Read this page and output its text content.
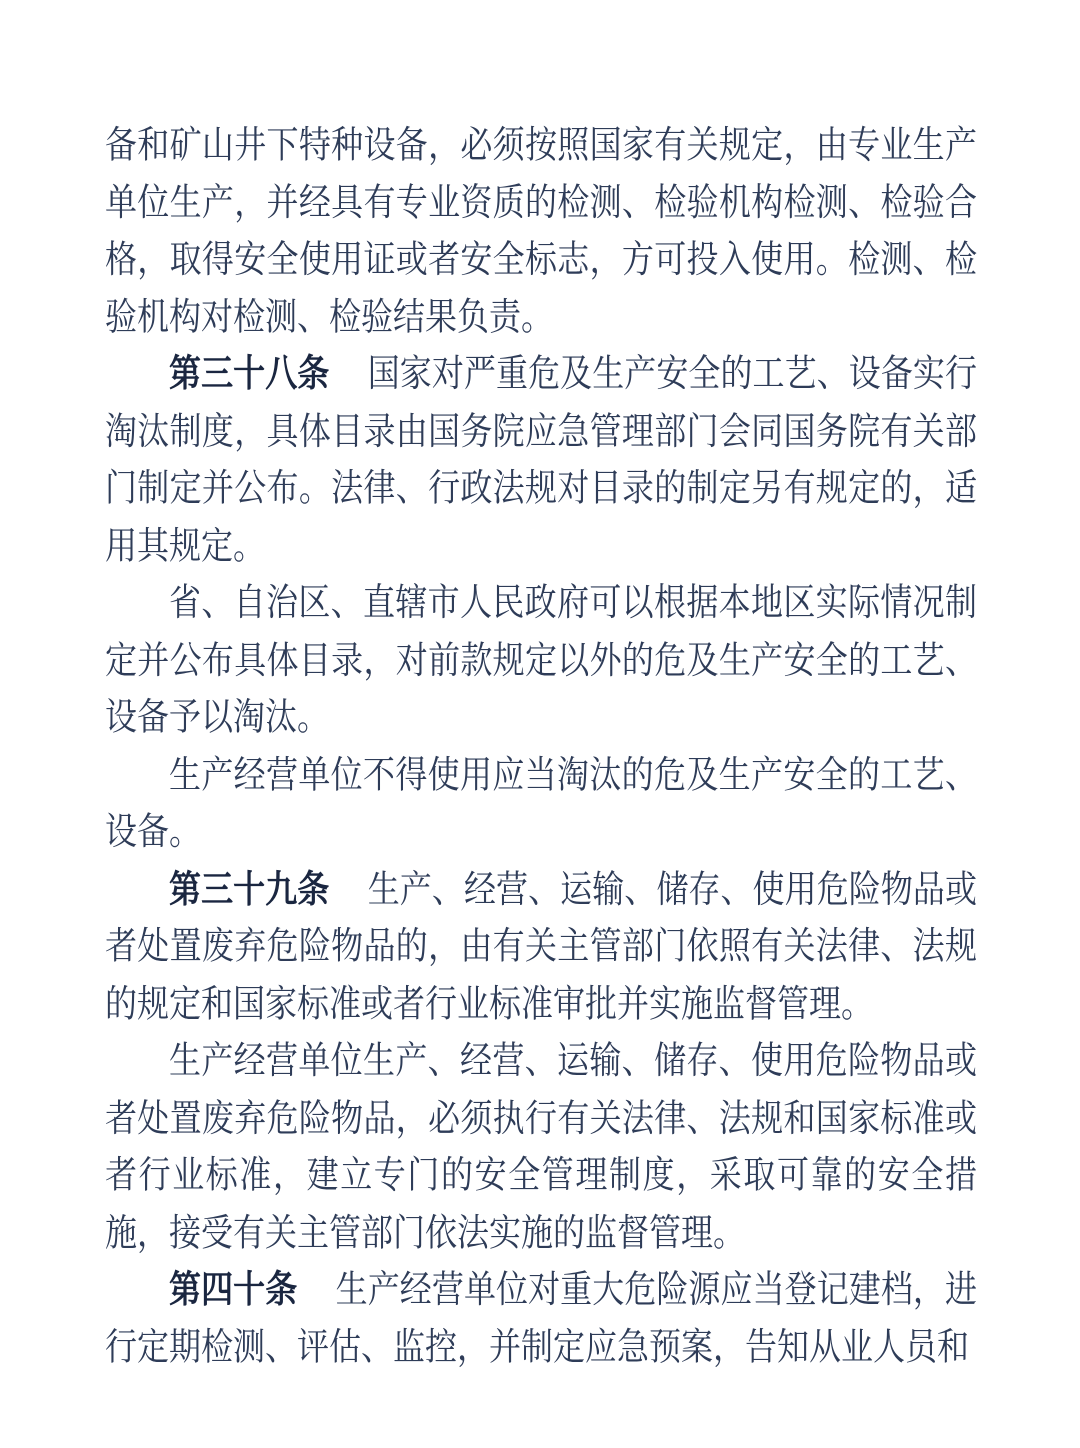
备和矿山井下特种设备，必须按照国家有关规定，由专业生产单位生产，并经具有专业资质的检测、检验机构检测、检验合格，取得安全使用证或者安全标志，方可投入使用。检测、检验机构对检测、检验结果负责。

第三十八条 国家对严重危及生产安全的工艺、设备实行淘汰制度，具体目录由国务院应急管理部门会同国务院有关部门制定并公布。法律、行政法规对目录的制定另有规定的，适用其规定。

省、自治区、直辖市人民政府可以根据本地区实际情况制定并公布具体目录，对前款规定以外的危及生产安全的工艺、设备予以淘汰。

生产经营单位不得使用应当淘汰的危及生产安全的工艺、设备。

第三十九条 生产、经营、运输、储存、使用危险物品或者处置废弃危险物品的，由有关主管部门依照有关法律、法规的规定和国家标准或者行业标准审批并实施监督管理。

生产经营单位生产、经营、运输、储存、使用危险物品或者处置废弃危险物品，必须执行有关法律、法规和国家标准或者行业标准，建立专门的安全管理制度，采取可靠的安全措施，接受有关主管部门依法实施的监督管理。

第四十条 生产经营单位对重大危险源应当登记建档，进行定期检测、评估、监控，并制定应急预案，告知从业人员和
